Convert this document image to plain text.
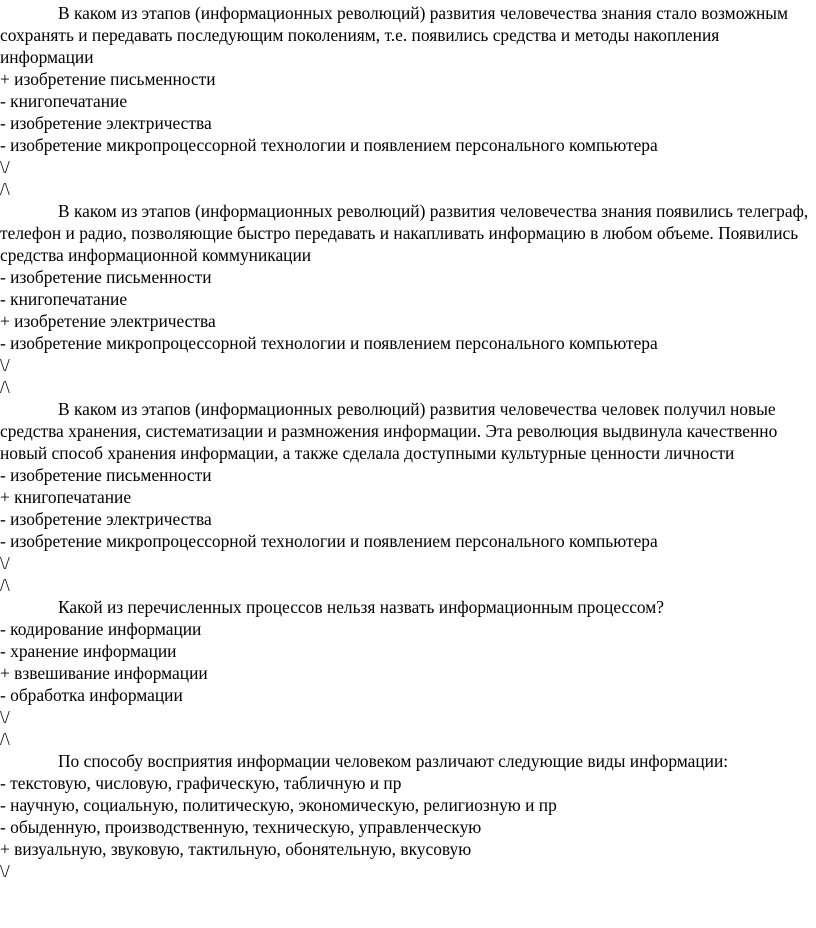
В каком из этапов (информационных революций) развития человечества знания стало возможным сохранять и передавать последующим поколениям, т.е. появились средства и методы накопления информации
+ изобретение письменности
- книгопечатание
- изобретение электричества
- изобретение микропроцессорной технологии и появлением персонального компьютера
\/
/\
В каком из этапов (информационных революций) развития человечества знания появились телеграф, телефон и радио, позволяющие быстро передавать и накапливать информацию в любом объеме. Появились средства информационной коммуникации
- изобретение письменности
- книгопечатание
+ изобретение электричества
- изобретение микропроцессорной технологии и появлением персонального компьютера
\/
/\
В каком из этапов (информационных революций) развития человечества человек получил новые средства хранения, систематизации и размножения информации. Эта революция выдвинула качественно новый способ хранения информации, а также сделала доступными культурные ценности личности
- изобретение письменности
+ книгопечатание
- изобретение электричества
- изобретение микропроцессорной технологии и появлением персонального компьютера
\/
/\
Какой из перечисленных процессов нельзя назвать информационным процессом?
- кодирование информации
- хранение информации
+ взвешивание информации
- обработка информации
\/
/\
По способу восприятия информации человеком различают следующие виды информации:
- текстовую, числовую, графическую, табличную и пр
- научную, социальную, политическую, экономическую, религиозную и пр
- обыденную, производственную, техническую, управленческую
+ визуальную, звуковую, тактильную, обонятельную, вкусовую
\/
